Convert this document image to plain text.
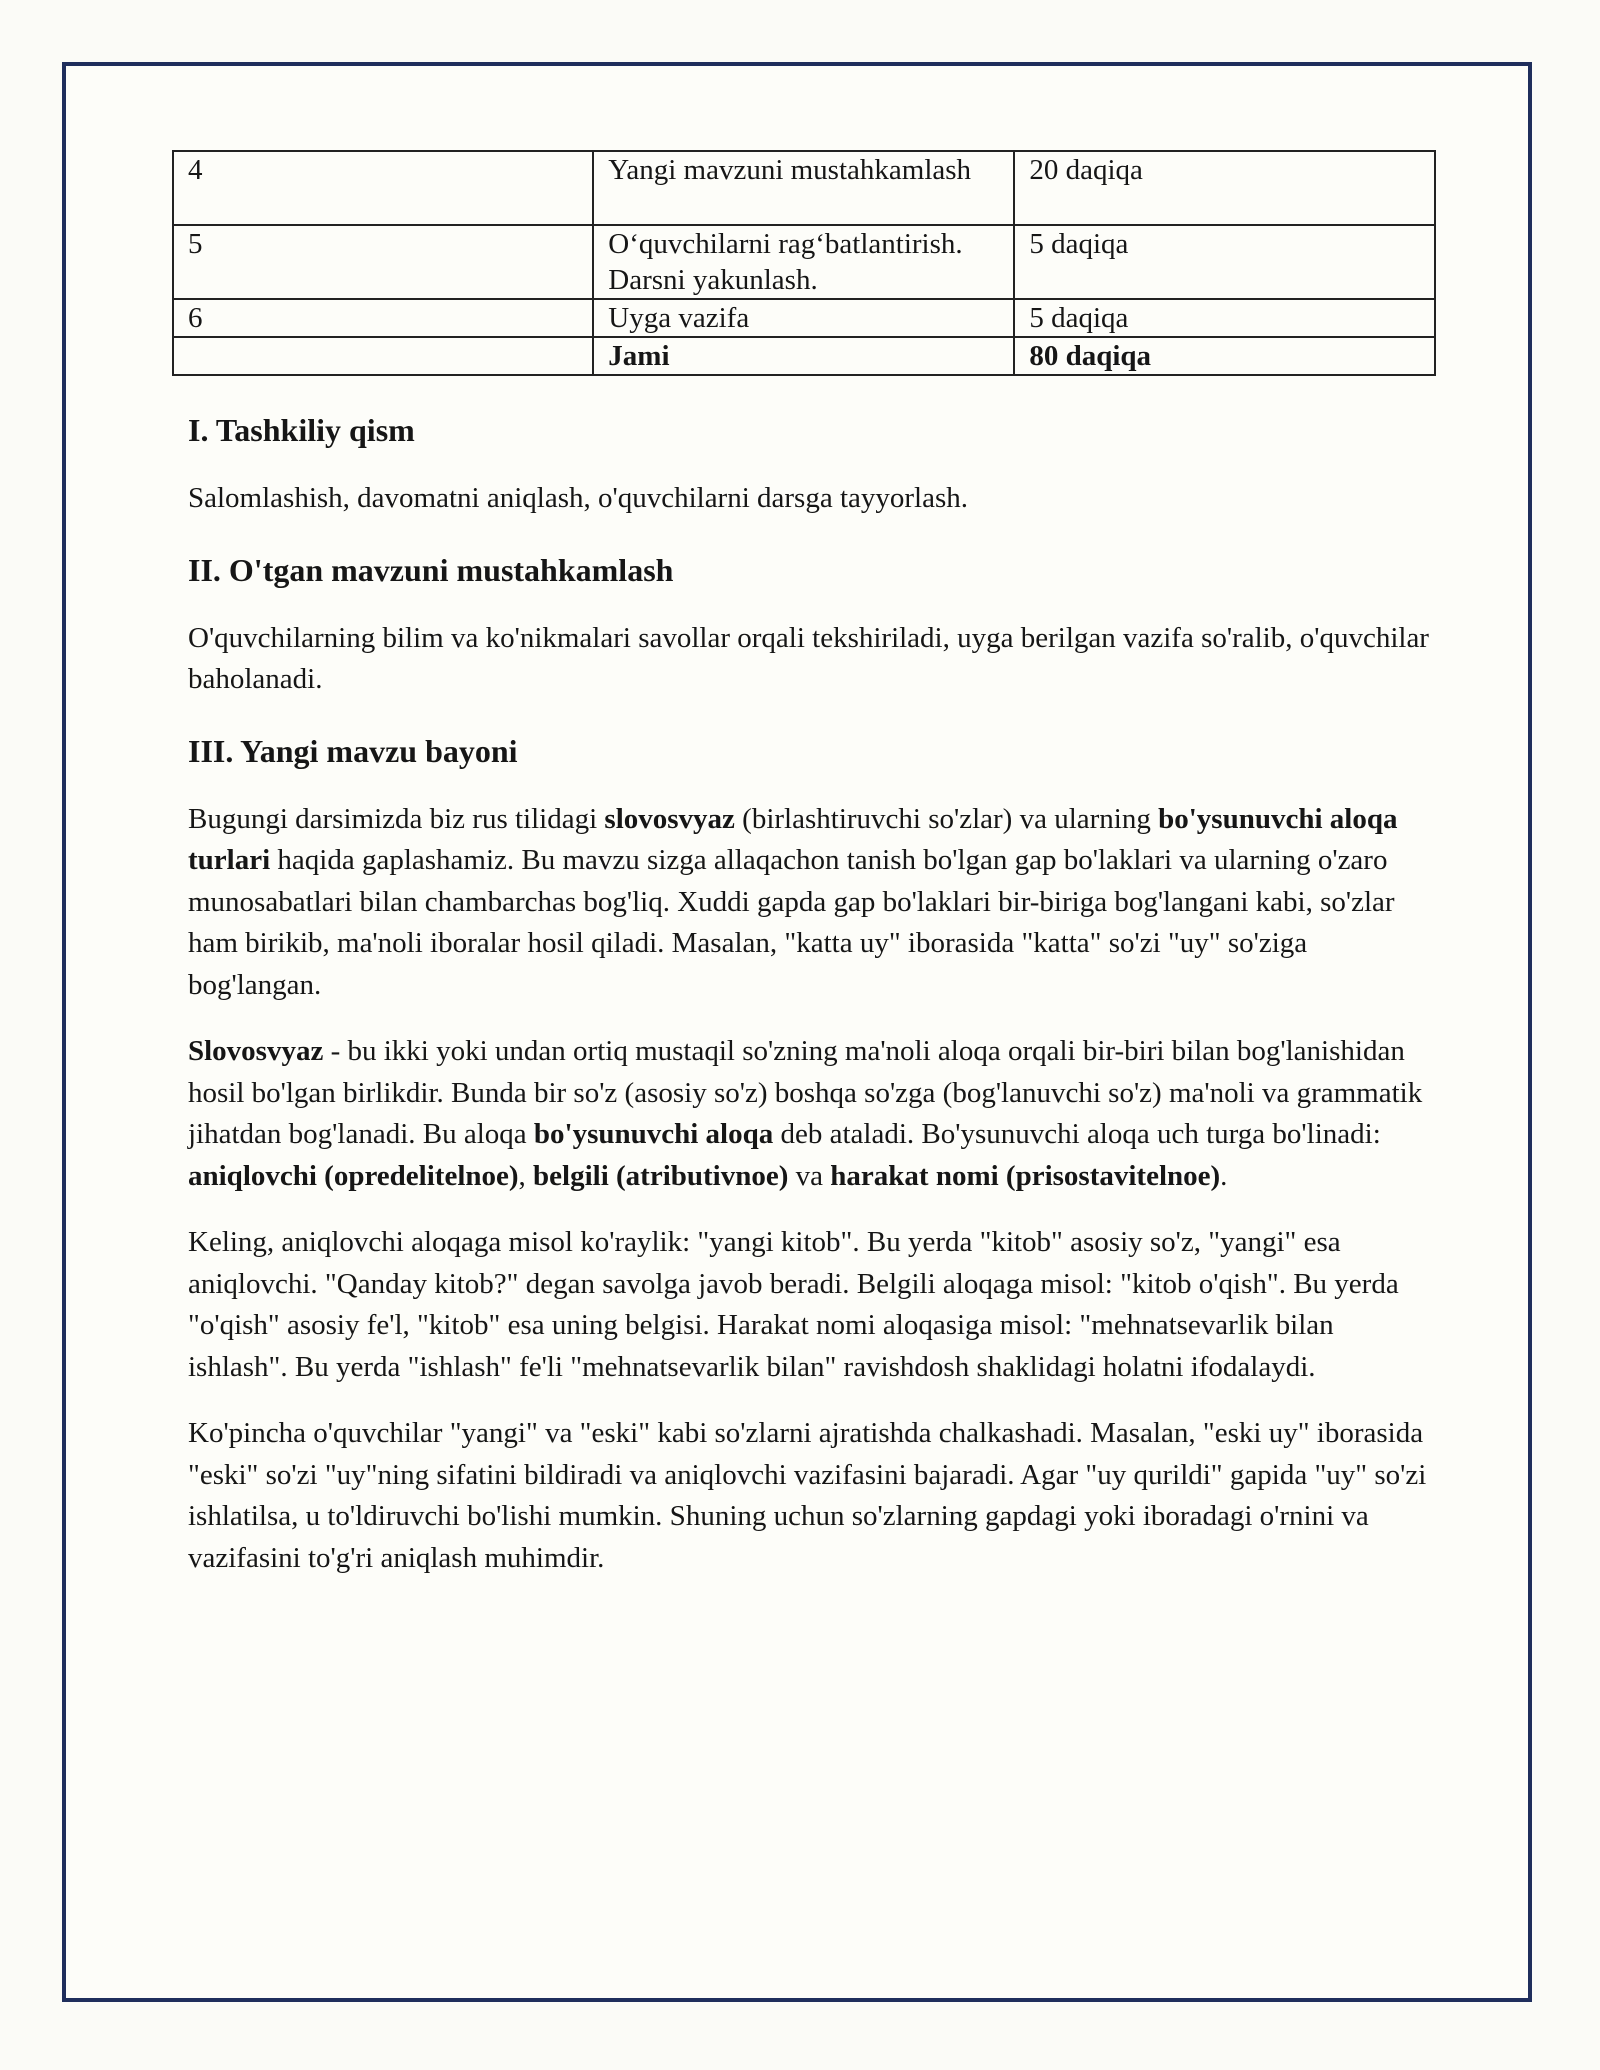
4	Yangi mavzuni mustahkamlash	20 daqiqa
5	O‘quvchilarni rag‘batlantirish. Darsni yakunlash.	5 daqiqa
6	Uyga vazifa	5 daqiqa
	Jami	80 daqiqa
I. Tashkiliy qism

Salomlashish, davomatni aniqlash, o'quvchilarni darsga tayyorlash.

II. O'tgan mavzuni mustahkamlash

O'quvchilarning bilim va ko'nikmalari savollar orqali tekshiriladi, uyga berilgan vazifa so'ralib, o'quvchilar baholanadi.

III. Yangi mavzu bayoni

Bugungi darsimizda biz rus tilidagi slovosvyaz (birlashtiruvchi so'zlar) va ularning bo'ysunuvchi aloqa turlari haqida gaplashamiz. Bu mavzu sizga allaqachon tanish bo'lgan gap bo'laklari va ularning o'zaro munosabatlari bilan chambarchas bog'liq. Xuddi gapda gap bo'laklari bir-biriga bog'langani kabi, so'zlar ham birikib, ma'noli iboralar hosil qiladi. Masalan, "katta uy" iborasida "katta" so'zi "uy" so'ziga bog'langan.

Slovosvyaz - bu ikki yoki undan ortiq mustaqil so'zning ma'noli aloqa orqali bir-biri bilan bog'lanishidan hosil bo'lgan birlikdir. Bunda bir so'z (asosiy so'z) boshqa so'zga (bog'lanuvchi so'z) ma'noli va grammatik jihatdan bog'lanadi. Bu aloqa bo'ysunuvchi aloqa deb ataladi. Bo'ysunuvchi aloqa uch turga bo'linadi: aniqlovchi (opredelitelnoe), belgili (atributivnoe) va harakat nomi (prisostavitelnoe).

Keling, aniqlovchi aloqaga misol ko'raylik: "yangi kitob". Bu yerda "kitob" asosiy so'z, "yangi" esa aniqlovchi. "Qanday kitob?" degan savolga javob beradi. Belgili aloqaga misol: "kitob o'qish". Bu yerda "o'qish" asosiy fe'l, "kitob" esa uning belgisi. Harakat nomi aloqasiga misol: "mehnatsevarlik bilan ishlash". Bu yerda "ishlash" fe'li "mehnatsevarlik bilan" ravishdosh shaklidagi holatni ifodalaydi.

Ko'pincha o'quvchilar "yangi" va "eski" kabi so'zlarni ajratishda chalkashadi. Masalan, "eski uy" iborasida "eski" so'zi "uy"ning sifatini bildiradi va aniqlovchi vazifasini bajaradi. Agar "uy qurildi" gapida "uy" so'zi ishlatilsa, u to'ldiruvchi bo'lishi mumkin. Shuning uchun so'zlarning gapdagi yoki iboradagi o'rnini va vazifasini to'g'ri aniqlash muhimdir.
